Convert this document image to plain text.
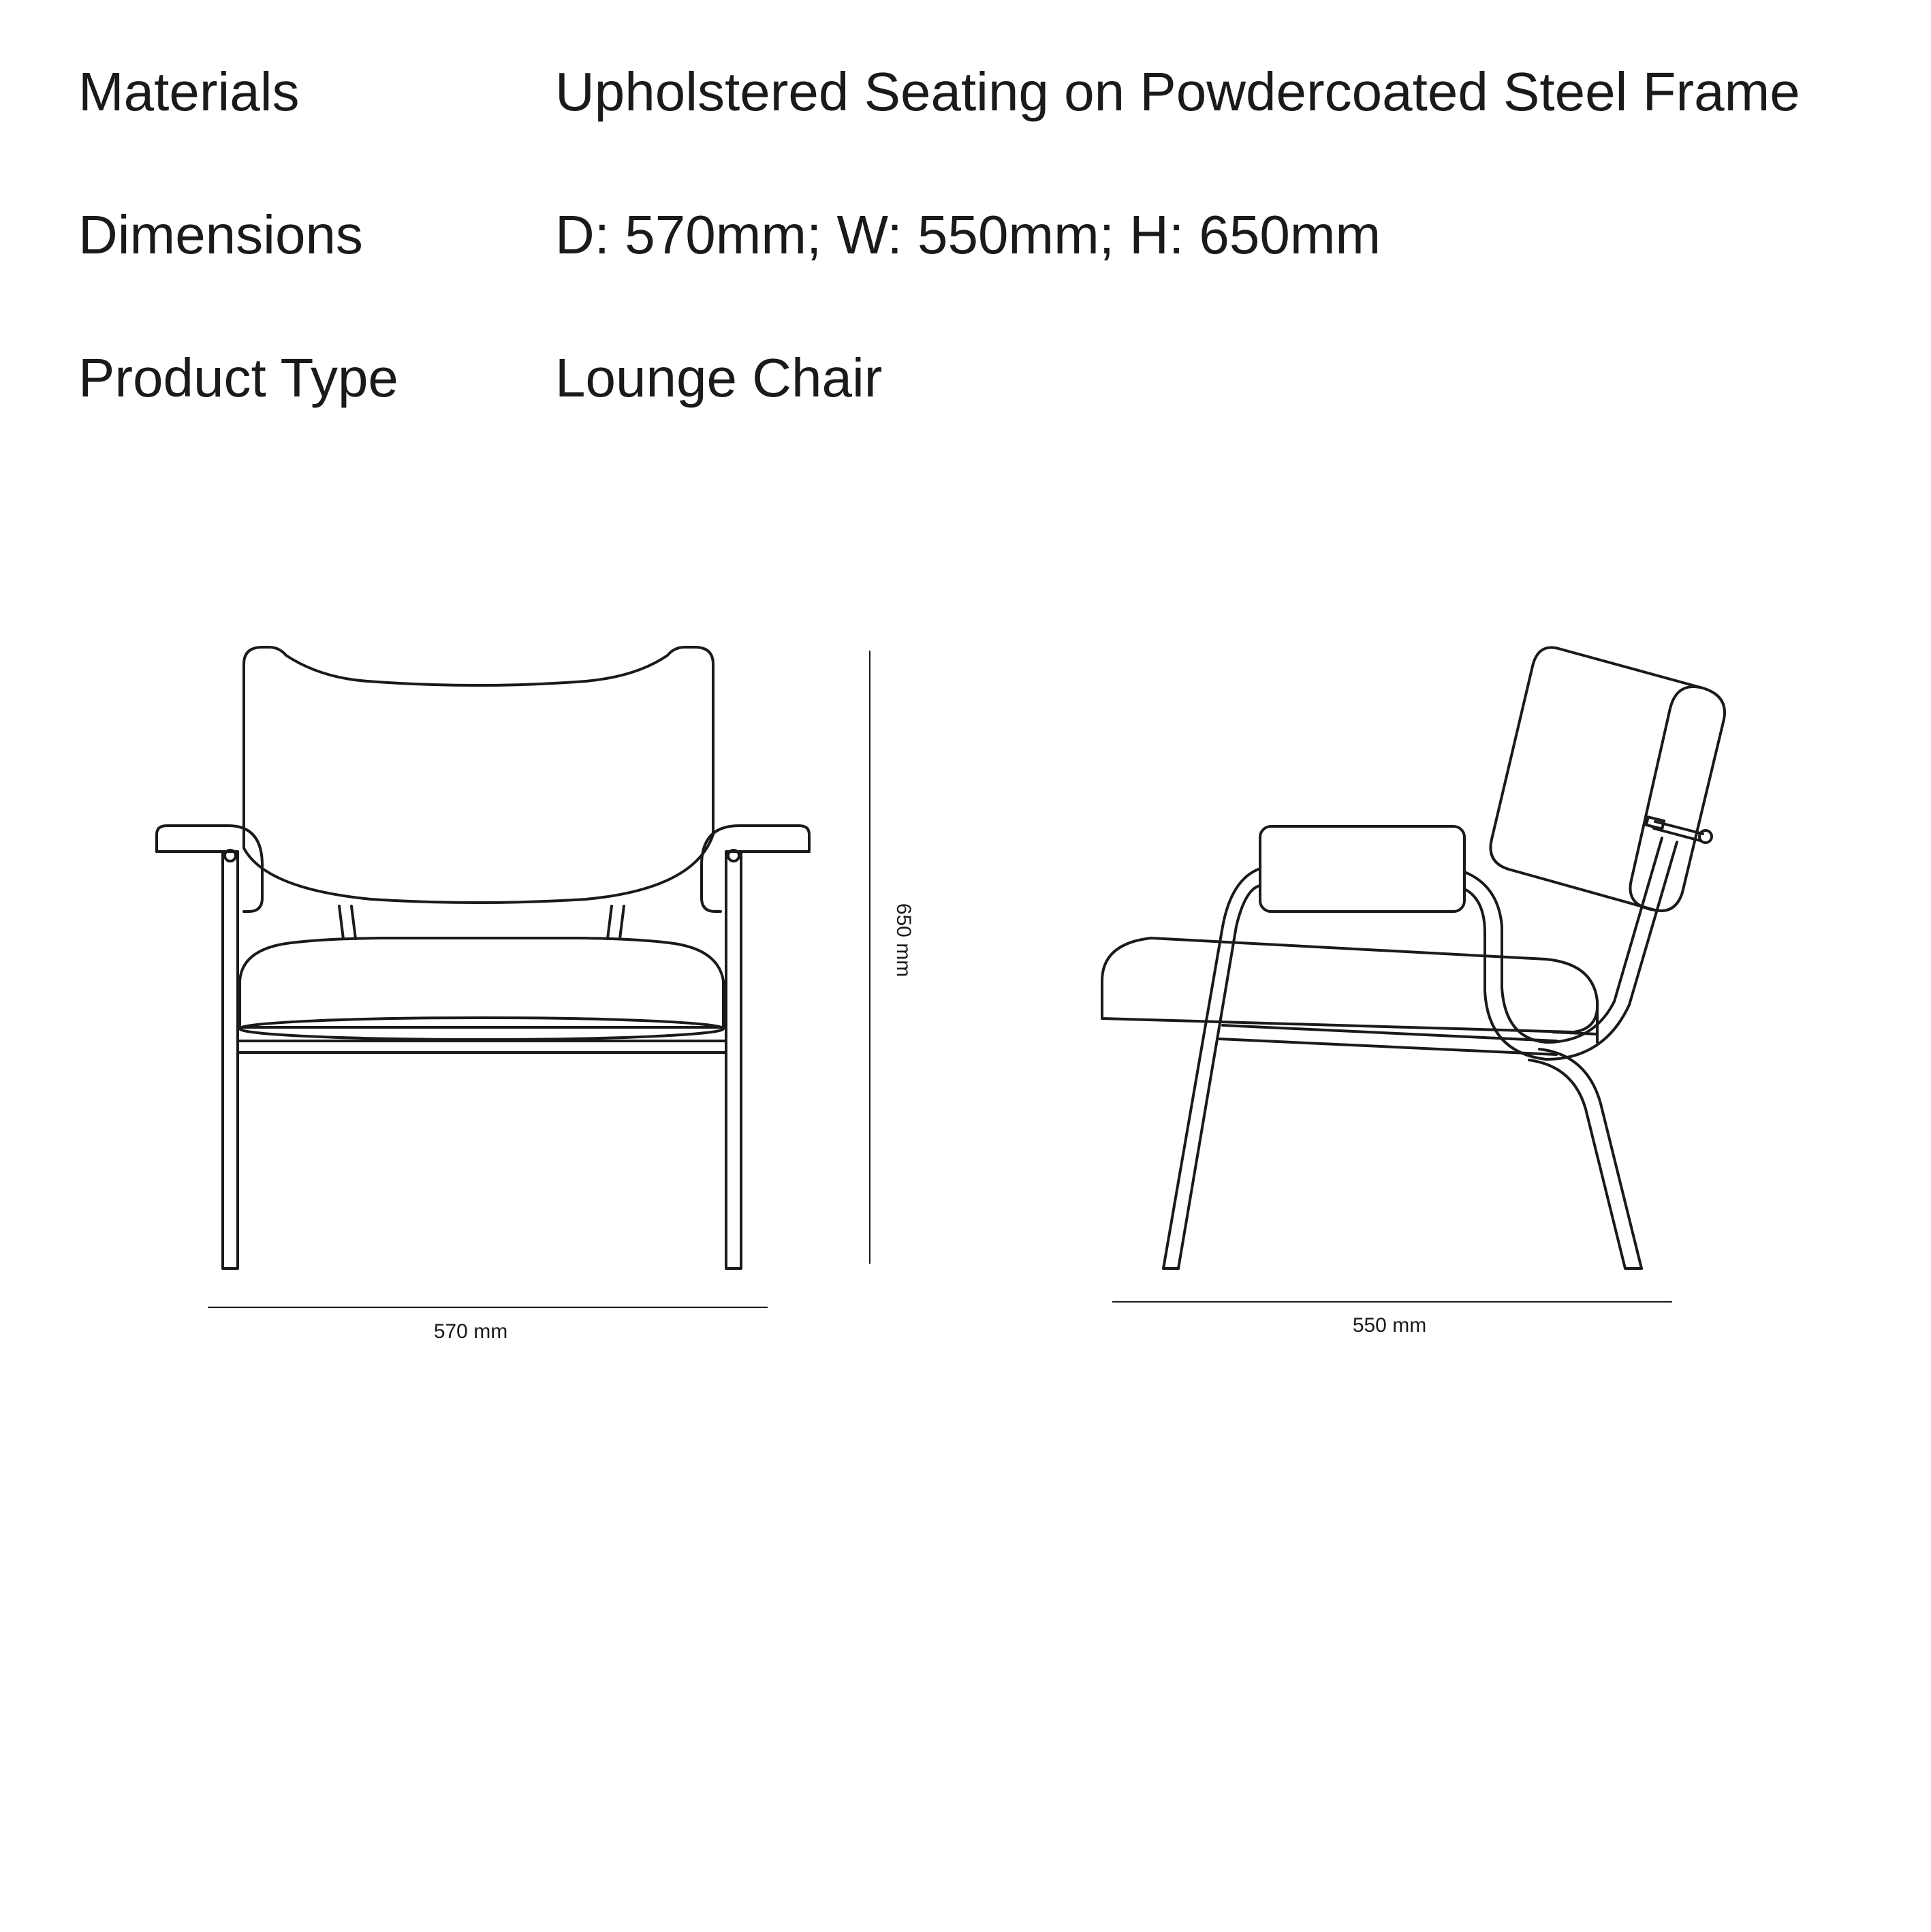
Materials	Upholstered Seating on Powdercoated Steel Frame
Dimensions	D: 570mm; W: 550mm; H: 650mm
Product Type	Lounge Chair
570 mm
650 mm
550 mm
